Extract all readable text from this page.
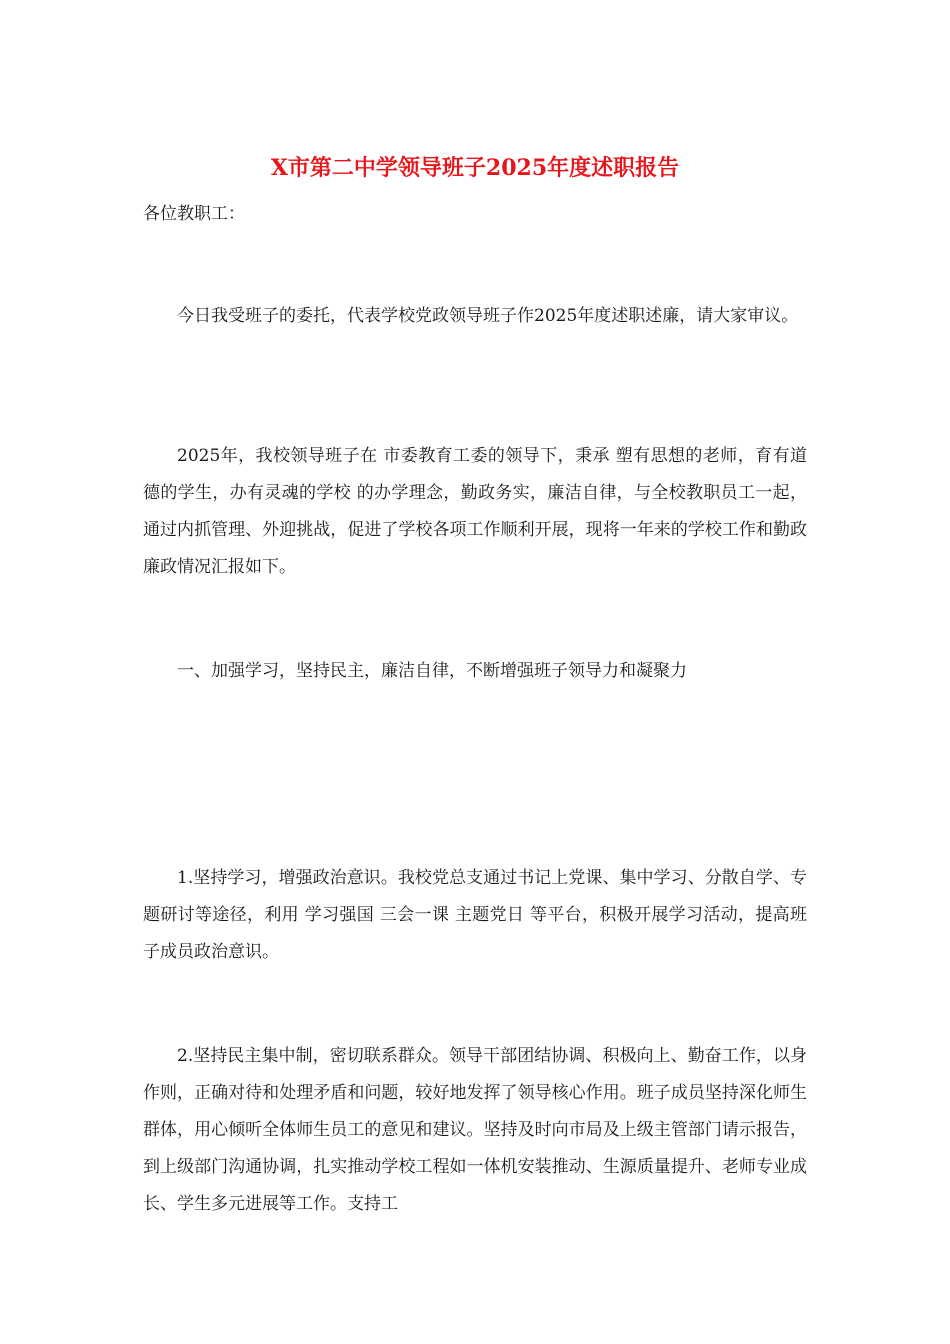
X市第二中学领导班子2025年度述职报告

各位教职工：

今日我受班子的委托，代表学校党政领导班子作2025年度述职述廉，请大家审议。

2025年，我校领导班子在 市委教育工委的领导下，秉承 塑有思想的老师，育有道德的学生，办有灵魂的学校 的办学理念，勤政务实，廉洁自律，与全校教职员工一起，通过内抓管理、外迎挑战，促进了学校各项工作顺利开展，现将一年来的学校工作和勤政廉政情况汇报如下。

一、加强学习，坚持民主，廉洁自律，不断增强班子领导力和凝聚力

1.坚持学习，增强政治意识。我校党总支通过书记上党课、集中学习、分散自学、专题研讨等途径，利用 学习强国 三会一课 主题党日 等平台，积极开展学习活动，提高班子成员政治意识。

2.坚持民主集中制，密切联系群众。领导干部团结协调、积极向上、勤奋工作，以身作则，正确对待和处理矛盾和问题，较好地发挥了领导核心作用。班子成员坚持深化师生群体，用心倾听全体师生员工的意见和建议。坚持及时向市局及上级主管部门请示报告，到上级部门沟通协调，扎实推动学校工程如一体机安装推动、生源质量提升、老师专业成长、学生多元进展等工作。支持工
